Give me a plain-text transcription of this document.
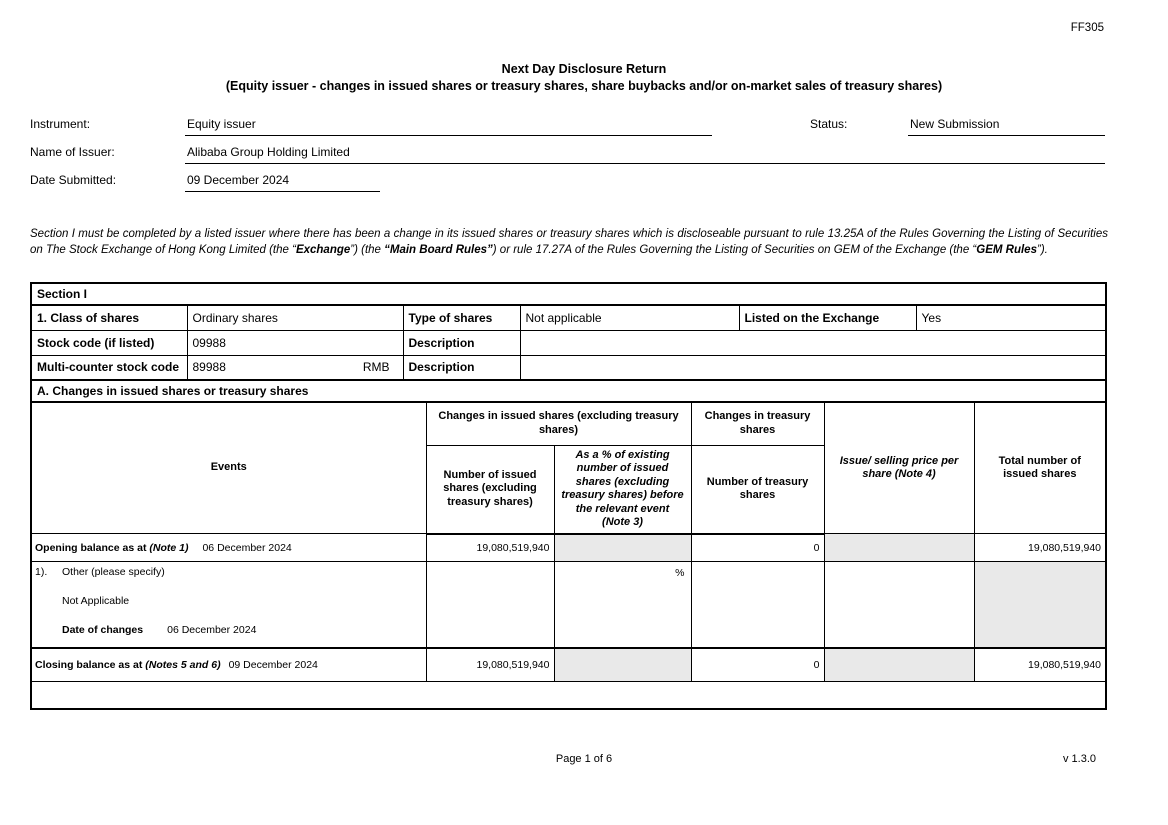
FF305
Next Day Disclosure Return
(Equity issuer - changes in issued shares or treasury shares, share buybacks and/or on-market sales of treasury shares)
Instrument:	Equity issuer	Status:	New Submission
Name of Issuer:	Alibaba Group Holding Limited
Date Submitted:	09 December 2024
Section I must be completed by a listed issuer where there has been a change in its issued shares or treasury shares which is discloseable pursuant to rule 13.25A of the Rules Governing the Listing of Securities on The Stock Exchange of Hong Kong Limited (the “Exchange”) (the “Main Board Rules”) or rule 17.27A of the Rules Governing the Listing of Securities on GEM of the Exchange (the “GEM Rules”).
Section I					
1. Class of shares	Ordinary shares	Type of shares	Not applicable	Listed on the Exchange	Yes
Stock code (if listed)	09988	Description			
Multi-counter stock code	89988 RMB	Description			
A. Changes in issued shares or treasury shares					
Events	Changes in issued shares (excluding treasury shares)		Changes in treasury shares	Issue/ selling price per share (Note 4)	Total number of issued shares
	Number of issued shares (excluding treasury shares)	As a % of existing number of issued shares (excluding treasury shares) before the relevant event (Note 3)	Number of treasury shares		
Opening balance as at (Note 1) 06 December 2024	19,080,519,940		0		19,080,519,940

1). Other (please specify)
Not Applicable
Date of changes 06 December 2024		%			
Closing balance as at (Notes 5 and 6) 09 December 2024	19,080,519,940		0		19,080,519,940

Page 1 of 6	v 1.3.0
